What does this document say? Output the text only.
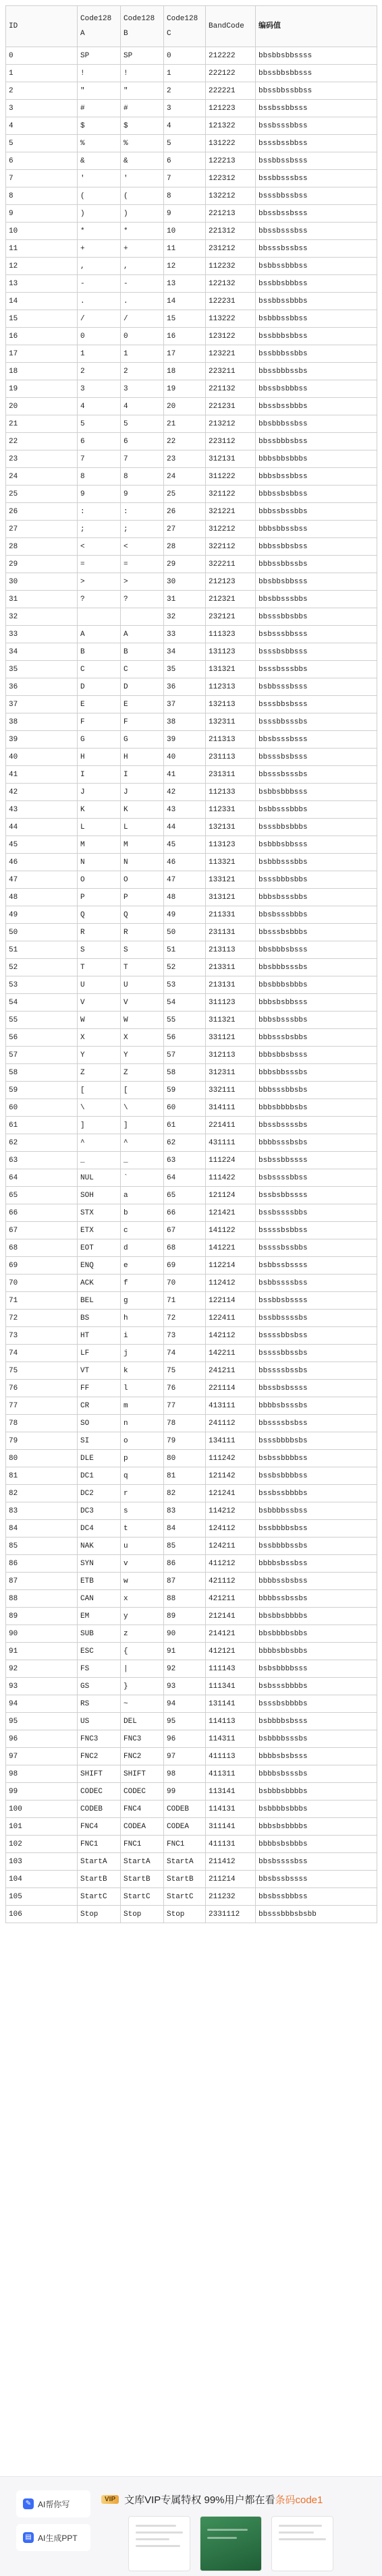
ID	Code128 A	Code128 B	Code128 C	BandCode	编码值
0	SP	SP	0	212222	bbsbbsbbssss
1	!	!	1	222122	bbssbbsbbsss
2	"	"	2	222221	bbssbbssbbss
3	#	#	3	121223	bssbssbbsss
4	$	$	4	121322	bssbsssbbss
5	%	%	5	131222	bsssbssbbss
6	&	&	6	122213	bssbbssbsss
7	'	'	7	122312	bssbbsssbss
8	(	(	8	132212	bsssbbssbss
9	)	)	9	221213	bbssbssbsss
10	*	*	10	221312	bbssbsssbss
11	+	+	11	231212	bbsssbssbss
12	,	,	12	112232	bsbbssbbbss
13	-	-	13	122132	bssbbsbbbss
14	.	.	14	122231	bssbbssbbbs
15	/	/	15	113222	bsbbbssbbss
16	0	0	16	123122	bssbbbsbbss
17	1	1	17	123221	bssbbbssbbs
18	2	2	18	223211	bbssbbbssbs
19	3	3	19	221132	bbssbsbbbss
20	4	4	20	221231	bbssbssbbbs
21	5	5	21	213212	bbsbbbssbss
22	6	6	22	223112	bbssbbbsbss
23	7	7	23	312131	bbbsbbsbbbs
24	8	8	24	311222	bbbsbssbbss
25	9	9	25	321122	bbbssbsbbss
26	:	:	26	321221	bbbssbssbbs
27	;	;	27	312212	bbbsbbssbss
28	<	<	28	322112	bbbssbbsbss
29	=	=	29	322211	bbbssbbssbs
30	>	>	30	212123	bbsbbsbbsss
31	?	?	31	212321	bbsbbsssbbs
32			32	232121	bbsssbbsbbs
33	A	A	33	111323	bsbsssbbsss
34	B	B	34	131123	bsssbsbbsss
35	C	C	35	131321	bsssbsssbbs
36	D	D	36	112313	bsbbsssbsss
37	E	E	37	132113	bsssbbsbsss
38	F	F	38	132311	bsssbbsssbs
39	G	G	39	211313	bbsbsssbsss
40	H	H	40	231113	bbsssbsbsss
41	I	I	41	231311	bbsssbsssbs
42	J	J	42	112133	bsbbsbbbsss
43	K	K	43	112331	bsbbsssbbbs
44	L	L	44	132131	bsssbbsbbbs
45	M	M	45	113123	bsbbbsbbsss
46	N	N	46	113321	bsbbbsssbbs
47	O	O	47	133121	bsssbbbsbbs
48	P	P	48	313121	bbbsbsssbbs
49	Q	Q	49	211331	bbsbsssbbbs
50	R	R	50	231131	bbsssbsbbbs
51	S	S	51	213113	bbsbbbsbsss
52	T	T	52	213311	bbsbbbsssbs
53	U	U	53	213131	bbsbbbsbbbs
54	V	V	54	311123	bbbsbsbbsss
55	W	W	55	311321	bbbsbsssbbs
56	X	X	56	331121	bbbsssbsbbs
57	Y	Y	57	312113	bbbsbbsbsss
58	Z	Z	58	312311	bbbsbbsssbs
59	[	[	59	332111	bbbsssbbsbs
60	\	\	60	314111	bbbsbbbbsbs
61	]	]	61	221411	bbssbssssbs
62	^	^	62	431111	bbbbsssbsbs
63	_	_	63	111224	bsbssbbssss
64	NUL	`	64	111422	bsbssssbbss
65	SOH	a	65	121124	bssbsbbssss
66	STX	b	66	121421	bssbssssbbs
67	ETX	c	67	141122	bssssbsbbss
68	EOT	d	68	141221	bssssbssbbs
69	ENQ	e	69	112214	bsbbssbssss
70	ACK	f	70	112412	bsbbssssbss
71	BEL	g	71	122114	bssbbsbssss
72	BS	h	72	122411	bssbbssssbs
73	HT	i	73	142112	bssssbbsbss
74	LF	j	74	142211	bssssbbssbs
75	VT	k	75	241211	bbssssbssbs
76	FF	l	76	221114	bbssbsbssss
77	CR	m	77	413111	bbbbsbsssbs
78	SO	n	78	241112	bbssssbsbss
79	SI	o	79	134111	bsssbbbbsbs
80	DLE	p	80	111242	bsbssbbbbss
81	DC1	q	81	121142	bssbsbbbbss
82	DC2	r	82	121241	bssbssbbbbs
83	DC3	s	83	114212	bsbbbbssbss
84	DC4	t	84	124112	bssbbbbsbss
85	NAK	u	85	124211	bssbbbbssbs
86	SYN	v	86	411212	bbbbsbssbss
87	ETB	w	87	421112	bbbbssbsbss
88	CAN	x	88	421211	bbbbssbssbs
89	EM	y	89	212141	bbsbbsbbbbs
90	SUB	z	90	214121	bbsbbbbsbbs
91	ESC	{	91	412121	bbbbsbbsbbs
92	FS	|	92	111143	bsbsbbbbsss
93	GS	}	93	111341	bsbsssbbbbs
94	RS	~	94	131141	bsssbsbbbbs
95	US	DEL	95	114113	bsbbbbsbsss
96	FNC3	FNC3	96	114311	bsbbbbsssbs
97	FNC2	FNC2	97	411113	bbbbsbsbsss
98	SHIFT	SHIFT	98	411311	bbbbsbsssbs
99	CODEC	CODEC	99	113141	bsbbbsbbbbs
100	CODEB	FNC4	CODEB	114131	bsbbbbsbbbs
101	FNC4	CODEA	CODEA	311141	bbbsbsbbbbs
102	FNC1	FNC1	FNC1	411131	bbbbsbsbbbs
103	StartA	StartA	StartA	211412	bbsbssssbss
104	StartB	StartB	StartB	211214	bbsbssbssss
105	StartC	StartC	StartC	211232	bbsbssbbbss
106	Stop	Stop	Stop	2331112	bbsssbbbsbsbb
✎ AI帮你写
▤ AI生成PPT
VIP 文库VIP专属特权 99%用户都在看 条码code1
